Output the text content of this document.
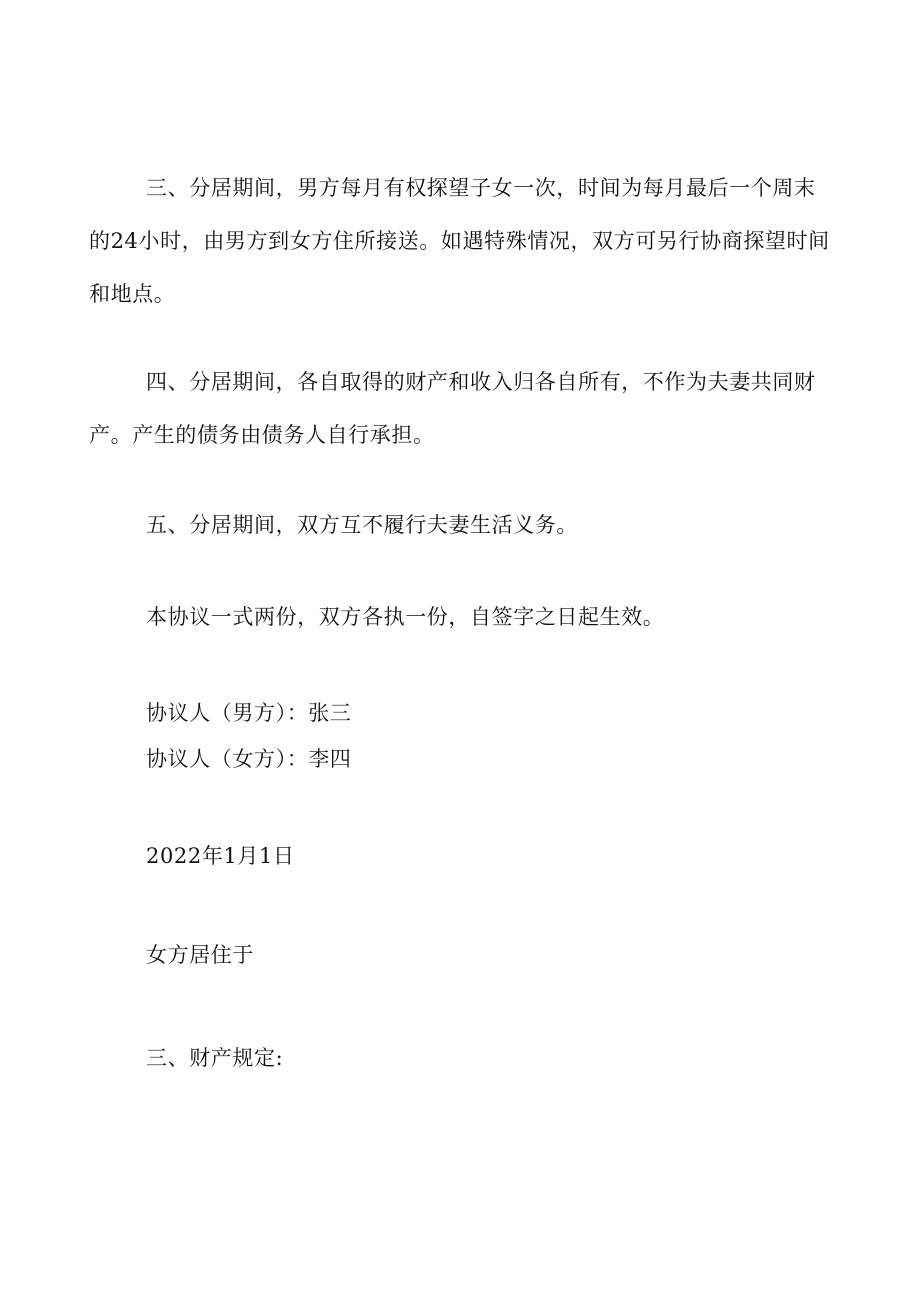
三、分居期间，男方每月有权探望子女一次，时间为每月最后一个周末的24小时，由男方到女方住所接送。如遇特殊情况，双方可另行协商探望时间和地点。

四、分居期间，各自取得的财产和收入归各自所有，不作为夫妻共同财产。产生的债务由债务人自行承担。

五、分居期间，双方互不履行夫妻生活义务。

本协议一式两份，双方各执一份，自签字之日起生效。

协议人（男方）：张三

协议人（女方）：李四

2022年1月1日

女方居住于

三、财产规定:
